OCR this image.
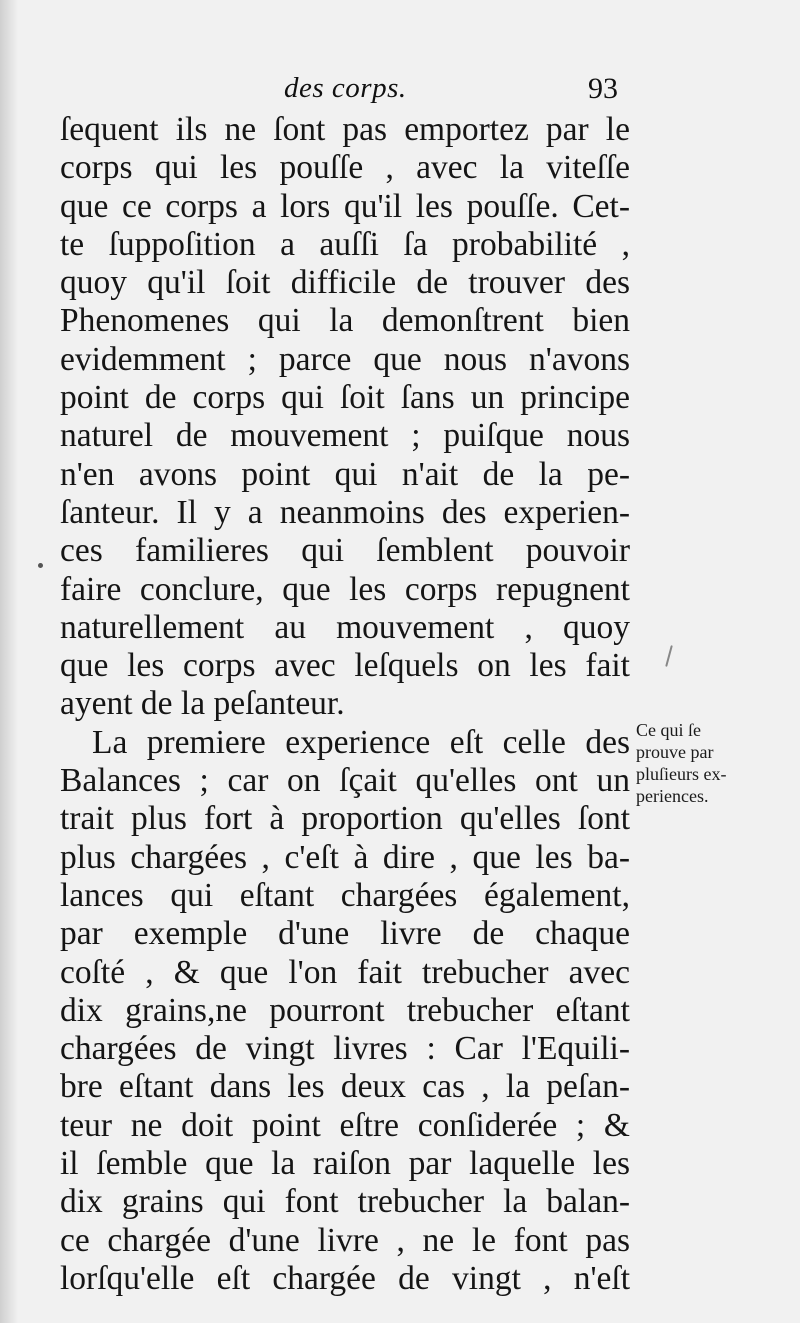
des corps.	93
ſequent ils ne ſont pas emportez par le
corps qui les pouſſe , avec la viteſſe
que ce corps a lors qu'il les pouſſe. Cet-
te ſuppoſition a auſſi ſa probabilité ,
quoy qu'il ſoit difficile de trouver des
Phenomenes qui la demonſtrent bien
evidemment ; parce que nous n'avons
point de corps qui ſoit ſans un principe
naturel de mouvement ; puiſque nous
n'en avons point qui n'ait de la pe-
ſanteur. Il y a neanmoins des experien-
ces familieres qui ſemblent pouvoir
faire conclure, que les corps repugnent
naturellement au mouvement , quoy
que les corps avec leſquels on les fait
ayent de la peſanteur.
La premiere experience eſt celle des
Balances ; car on ſçait qu'elles ont un
trait plus fort à proportion qu'elles ſont
plus chargées , c'eſt à dire , que les ba-
lances qui eſtant chargées également,
par exemple d'une livre de chaque
coſté , & que l'on fait trebucher avec
dix grains,ne pourront trebucher eſtant
chargées de vingt livres : Car l'Equili-
bre eſtant dans les deux cas , la peſan-
teur ne doit point eſtre conſiderée ; &
il ſemble que la raiſon par laquelle les
dix grains qui font trebucher la balan-
ce chargée d'une livre , ne le font pas
lorſqu'elle eſt chargée de vingt , n'eſt
Ce qui ſe
prouve par
pluſieurs ex-
periences.
